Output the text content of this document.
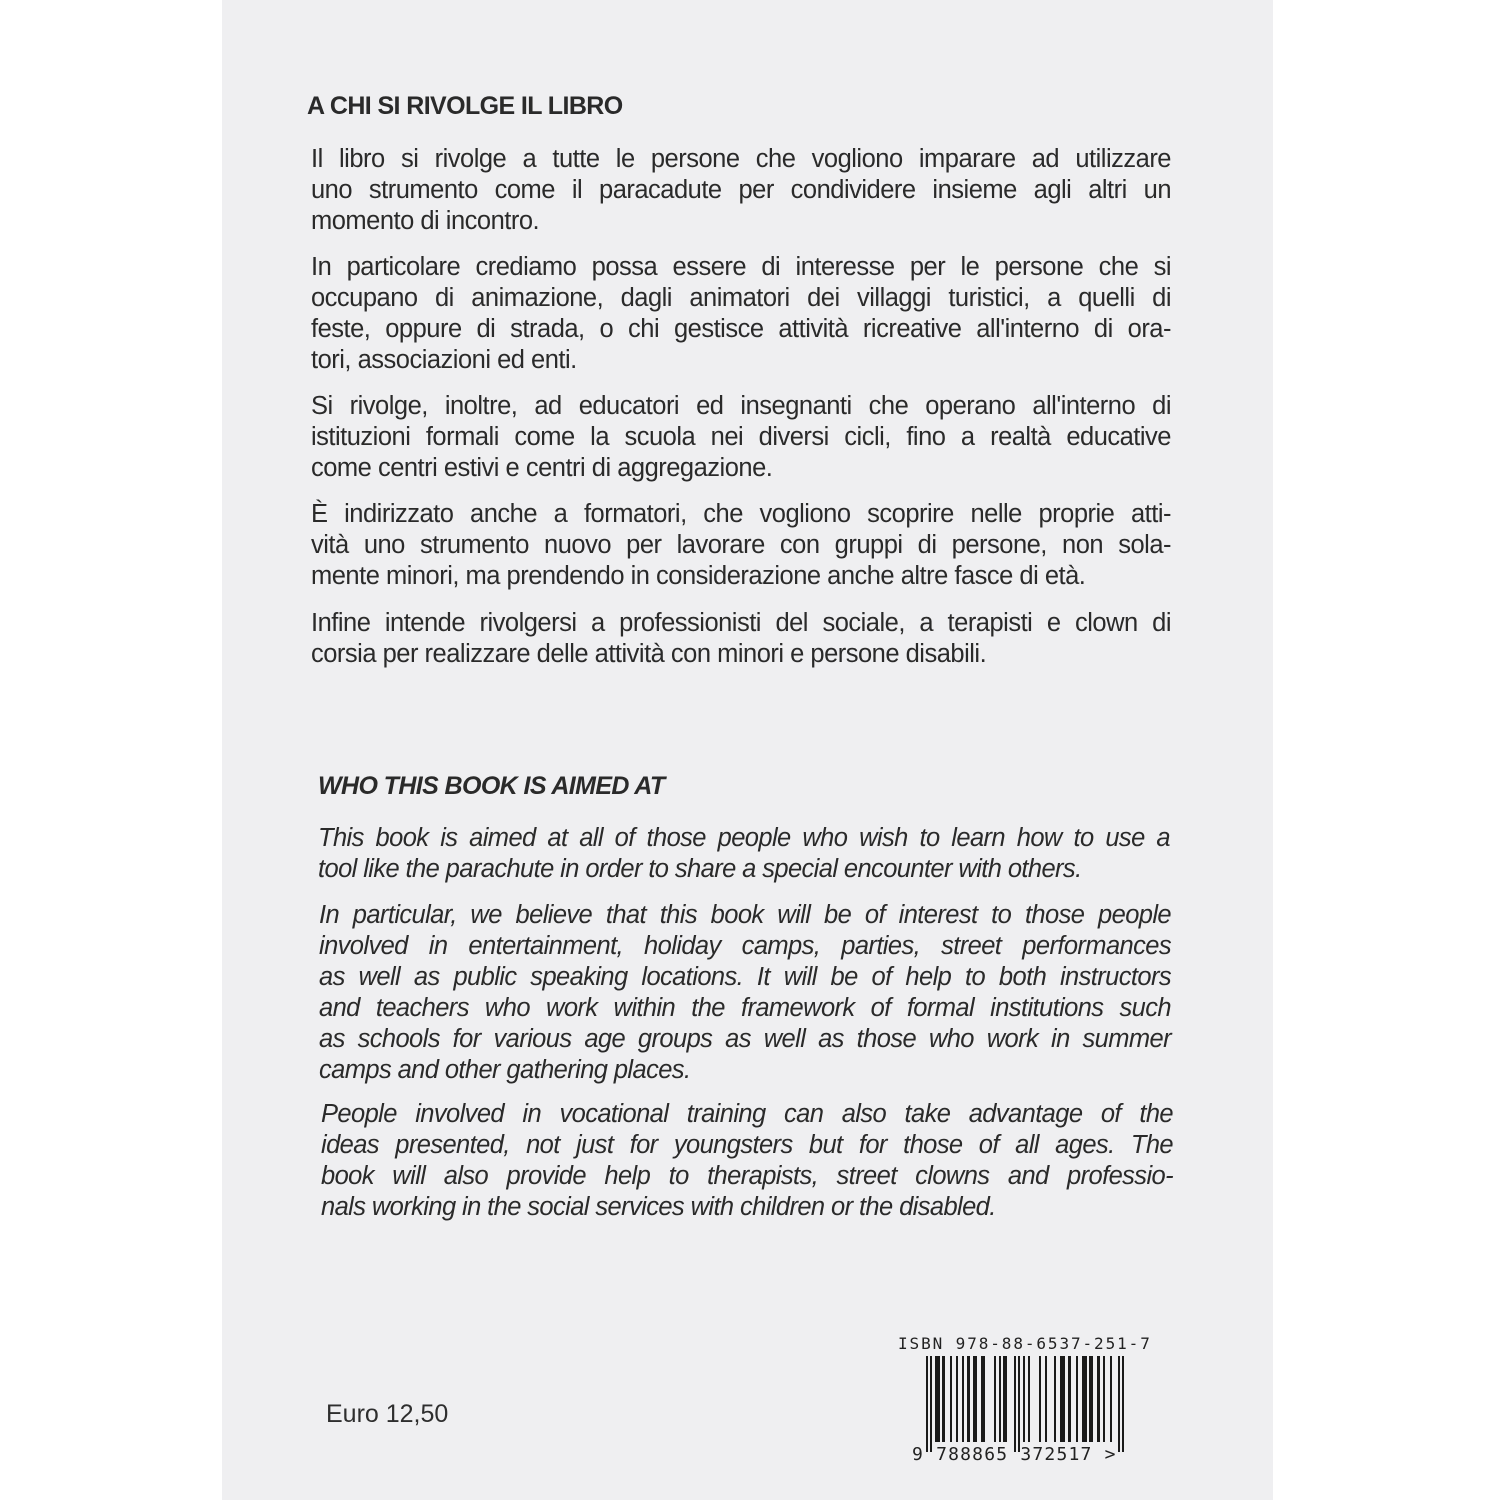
A CHI SI RIVOLGE IL LIBRO

Il libro si rivolge a tutte le persone che vogliono imparare ad utilizzare
uno strumento come il paracadute per condividere insieme agli altri un
momento di incontro.

In particolare crediamo possa essere di interesse per le persone che si
occupano di animazione, dagli animatori dei villaggi turistici, a quelli di
feste, oppure di strada, o chi gestisce attività ricreative all'interno di ora-
tori, associazioni ed enti.

Si rivolge, inoltre, ad educatori ed insegnanti che operano all'interno di
istituzioni formali come la scuola nei diversi cicli, fino a realtà educative
come centri estivi e centri di aggregazione.

È indirizzato anche a formatori, che vogliono scoprire nelle proprie atti-
vità uno strumento nuovo per lavorare con gruppi di persone, non sola-
mente minori, ma prendendo in considerazione anche altre fasce di età.

Infine intende rivolgersi a professionisti del sociale, a terapisti e clown di
corsia per realizzare delle attività con minori e persone disabili.

WHO THIS BOOK IS AIMED AT

This book is aimed at all of those people who wish to learn how to use a
tool like the parachute in order to share a special encounter with others.

In particular, we believe that this book will be of interest to those people
involved in entertainment, holiday camps, parties, street performances
as well as public speaking locations. It will be of help to both instructors
and teachers who work within the framework of formal institutions such
as schools for various age groups as well as those who work in summer
camps and other gathering places.

People involved in vocational training can also take advantage of the
ideas presented, not just for youngsters but for those of all ages. The
book will also provide help to therapists, street clowns and professio-
nals working in the social services with children or the disabled.

Euro 12,50
ISBN 978-88-6537-251-7
9 788865 372517 >
